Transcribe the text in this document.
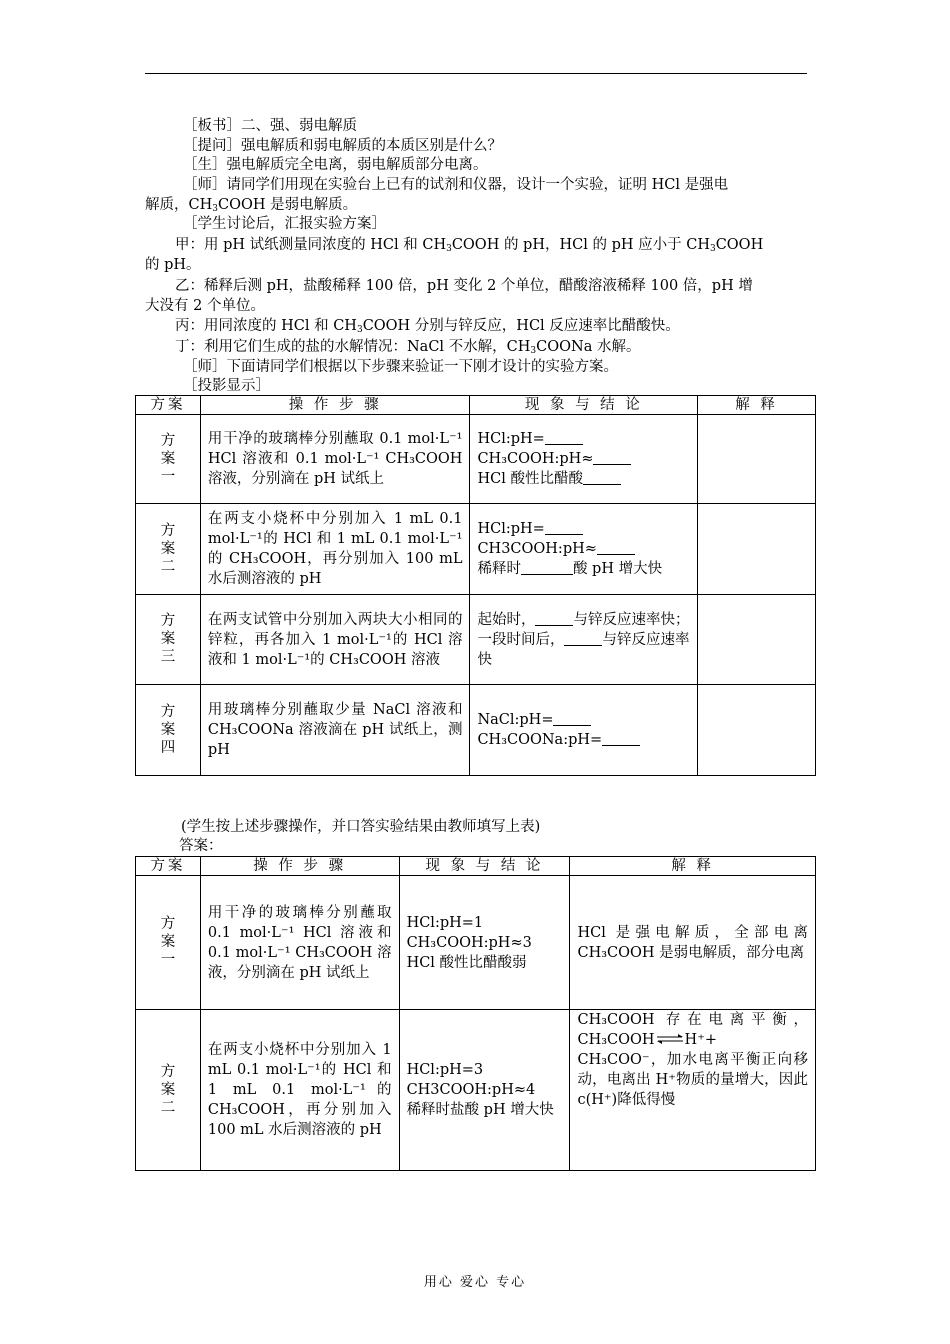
［板书］二、强、弱电解质
［提问］强电解质和弱电解质的本质区别是什么？
［生］强电解质完全电离，弱电解质部分电离。
［师］请同学们用现在实验台上已有的试剂和仪器，设计一个实验，证明 HCl 是强电
解质，$CH_3COOH$ 是弱电解质。
［学生讨论后，汇报实验方案］
甲：用 pH 试纸测量同浓度的 HCl 和 $CH_3COOH$ 的 pH，HCl 的 pH 应小于 $CH_3COOH$
的 pH。
乙：稀释后测 pH，盐酸稀释 100 倍，pH 变化 2 个单位，醋酸溶液稀释 100 倍，pH 增
大没有 2 个单位。
丙：用同浓度的 HCl 和 $CH_3COOH$ 分别与锌反应，HCl 反应速率比醋酸快。
丁：利用它们生成的盐的水解情况：NaCl 不水解，$CH_3COONa$ 水解。
［师］下面请同学们根据以下步骤来验证一下刚才设计的实验方案。
［投影显示］
方案	操 作 步 骤	现 象 与 结 论	解 释
方案一	用干净的玻璃棒分别蘸取 0.1 mol·L⁻¹ HCl 溶液和 0.1 mol·L⁻¹ CH₃COOH 溶液，分别滴在 pH 试纸上	HCl:pH=
CH₃COOH:pH≈
HCl 酸性比醋酸	

方案二	在两支小烧杯中分别加入 1 mL 0.1 mol·L⁻¹的 HCl 和 1 mL 0.1 mol·L⁻¹的 CH₃COOH，再分别加入 100 mL 水后测溶液的 pH	HCl:pH=
CH3COOH:pH≈
稀释时 酸 pH 增大快	

方案三	在两支试管中分别加入两块大小相同的锌粒，再各加入 1 mol·L⁻¹的 HCl 溶液和 1 mol·L⁻¹的 CH₃COOH 溶液	起始时， 与锌反应速率快；
一段时间后， 与锌反应速率快	

方案四	用玻璃棒分别蘸取少量 NaCl 溶液和 CH₃COONa 溶液滴在 pH 试纸上，测 pH	NaCl:pH=
CH₃COONa:pH=	

(学生按上述步骤操作，并口答实验结果由教师填写上表)
答案：
方案	操 作 步 骤	现 象 与 结 论	解 释
方案一	用干净的玻璃棒分别蘸取 0.1 mol·L⁻¹ HCl 溶液和 0.1 mol·L⁻¹ CH₃COOH 溶液，分别滴在 pH 试纸上	HCl:pH=1
CH₃COOH:pH≈3
HCl 酸性比醋酸弱	HCl 是强电解质，全部电离 CH₃COOH 是弱电解质，部分电离
方案二	在两支小烧杯中分别加入 1 mL 0.1 mol·L⁻¹的 HCl 和 1 mL 0.1 mol·L⁻¹的 CH₃COOH，再分别加入 100 mL 水后测溶液的 pH	HCl:pH=3
CH3COOH:pH≈4
稀释时盐酸 pH 增大快	CH₃COOH 存在电离平衡，CH₃COOH⇌H⁺+ CH₃COO⁻，加水电离平衡正向移动，电离出 H⁺物质的量增大，因此 c(H⁺)降低得慢
用心 爱心 专心
